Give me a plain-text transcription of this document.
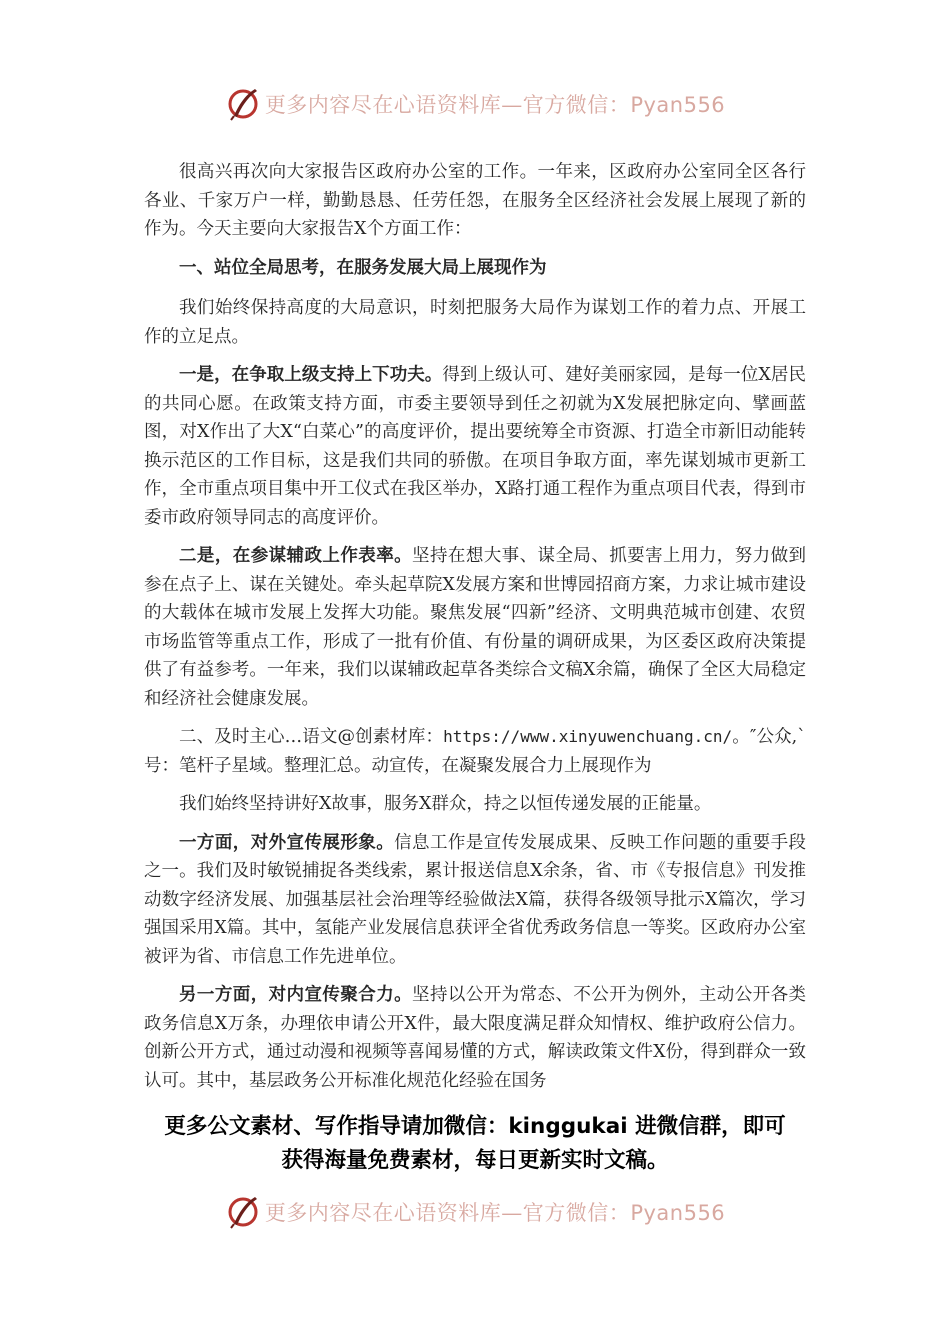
更多内容尽在心语资料库—官方微信：Pyan556

很高兴再次向大家报告区政府办公室的工作。一年来，区政府办公室同全区各行各业、千家万户一样，勤勤恳恳、任劳任怨，在服务全区经济社会发展上展现了新的作为。今天主要向大家报告X个方面工作：

一、站位全局思考，在服务发展大局上展现作为

我们始终保持高度的大局意识，时刻把服务大局作为谋划工作的着力点、开展工作的立足点。

一是，在争取上级支持上下功夫。得到上级认可、建好美丽家园，是每一位X居民的共同心愿。在政策支持方面，市委主要领导到任之初就为X发展把脉定向、擘画蓝图，对X作出了大X“白菜心”的高度评价，提出要统筹全市资源、打造全市新旧动能转换示范区的工作目标，这是我们共同的骄傲。在项目争取方面，率先谋划城市更新工作，全市重点项目集中开工仪式在我区举办，X路打通工程作为重点项目代表，得到市委市政府领导同志的高度评价。

二是，在参谋辅政上作表率。坚持在想大事、谋全局、抓要害上用力，努力做到参在点子上、谋在关键处。牵头起草院X发展方案和世博园招商方案，力求让城市建设的大载体在城市发展上发挥大功能。聚焦发展“四新”经济、文明典范城市创建、农贸市场监管等重点工作，形成了一批有价值、有份量的调研成果，为区委区政府决策提供了有益参考。一年来，我们以谋辅政起草各类综合文稿X余篇，确保了全区大局稳定和经济社会健康发展。

二、及时主心…语文@创素材库：https://www.xinyuwenchuang.cn/。″公众,`号：笔杆子星域。整理汇总。动宣传，在凝聚发展合力上展现作为

我们始终坚持讲好X故事，服务X群众，持之以恒传递发展的正能量。

一方面，对外宣传展形象。信息工作是宣传发展成果、反映工作问题的重要手段之一。我们及时敏锐捕捉各类线索，累计报送信息X余条，省、市《专报信息》刊发推动数字经济发展、加强基层社会治理等经验做法X篇，获得各级领导批示X篇次，学习强国采用X篇。其中，氢能产业发展信息获评全省优秀政务信息一等奖。区政府办公室被评为省、市信息工作先进单位。

另一方面，对内宣传聚合力。坚持以公开为常态、不公开为例外，主动公开各类政务信息X万条，办理依申请公开X件，最大限度满足群众知情权、维护政府公信力。创新公开方式，通过动漫和视频等喜闻易懂的方式，解读政策文件X份，得到群众一致认可。其中，基层政务公开标准化规范化经验在国务

更多公文素材、写作指导请加微信：kinggukai 进微信群，即可
获得海量免费素材，每日更新实时文稿。
更多内容尽在心语资料库—官方微信：Pyan556
